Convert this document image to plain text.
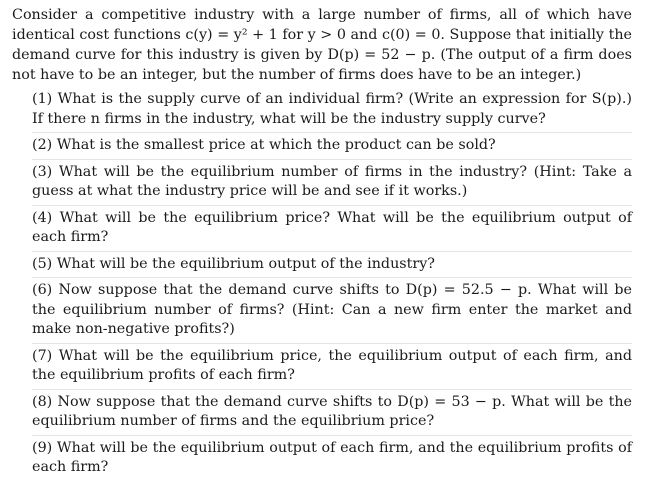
Consider a competitive industry with a large number of firms, all of which have identical cost functions c(y) = y² + 1 for y > 0 and c(0) = 0. Suppose that initially the demand curve for this industry is given by D(p) = 52 − p. (The output of a firm does not have to be an integer, but the number of firms does have to be an integer.)

(1) What is the supply curve of an individual firm? (Write an expression for S(p).) If there n firms in the industry, what will be the industry supply curve?

(2) What is the smallest price at which the product can be sold?

(3) What will be the equilibrium number of firms in the industry? (Hint: Take a guess at what the industry price will be and see if it works.)

(4) What will be the equilibrium price? What will be the equilibrium output of each firm?

(5) What will be the equilibrium output of the industry?

(6) Now suppose that the demand curve shifts to D(p) = 52.5 − p. What will be the equilibrium number of firms? (Hint: Can a new firm enter the market and make non-negative profits?)

(7) What will be the equilibrium price, the equilibrium output of each firm, and the equilibrium profits of each firm?

(8) Now suppose that the demand curve shifts to D(p) = 53 − p. What will be the equilibrium number of firms and the equilibrium price?

(9) What will be the equilibrium output of each firm, and the equilibrium profits of each firm?
